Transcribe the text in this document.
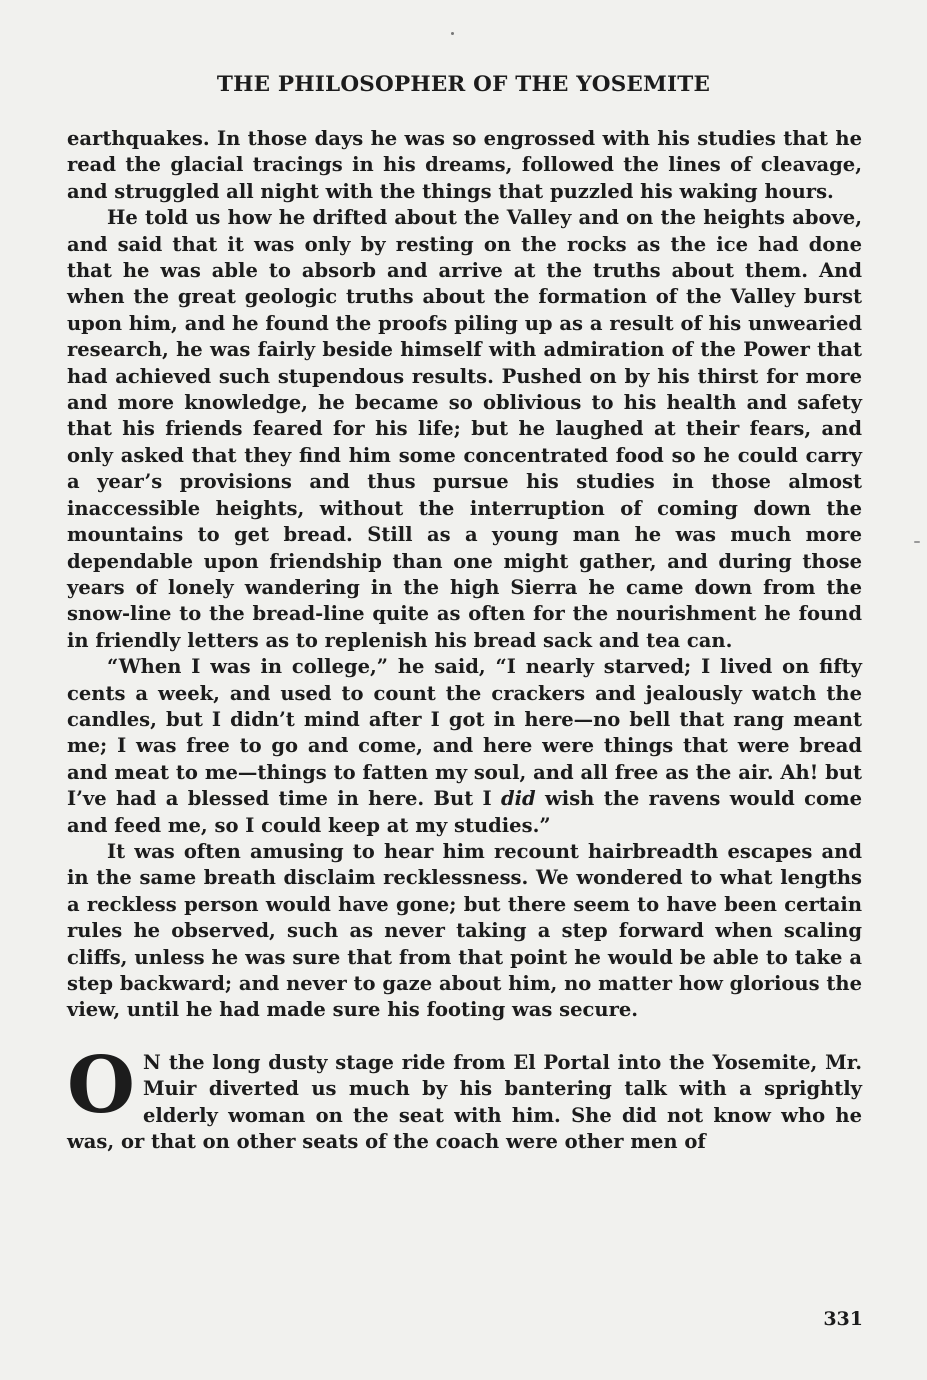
THE PHILOSOPHER OF THE YOSEMITE

earthquakes. In those days he was so engrossed with his studies that he read the glacial tracings in his dreams, followed the lines of cleavage, and struggled all night with the things that puzzled his waking hours.

He told us how he drifted about the Valley and on the heights above, and said that it was only by resting on the rocks as the ice had done that he was able to absorb and arrive at the truths about them. And when the great geologic truths about the formation of the Valley burst upon him, and he found the proofs piling up as a result of his unwearied research, he was fairly beside himself with admiration of the Power that had achieved such stupendous results. Pushed on by his thirst for more and more knowledge, he became so oblivious to his health and safety that his friends feared for his life; but he laughed at their fears, and only asked that they find him some concentrated food so he could carry a year’s provisions and thus pursue his studies in those almost inaccessible heights, without the interruption of coming down the mountains to get bread. Still as a young man he was much more dependable upon friendship than one might gather, and during those years of lonely wandering in the high Sierra he came down from the snow-line to the bread-line quite as often for the nourishment he found in friendly letters as to replenish his bread sack and tea can.

“When I was in college,” he said, “I nearly starved; I lived on fifty cents a week, and used to count the crackers and jealously watch the candles, but I didn’t mind after I got in here—no bell that rang meant me; I was free to go and come, and here were things that were bread and meat to me—things to fatten my soul, and all free as the air. Ah! but I’ve had a blessed time in here. But I did wish the ravens would come and feed me, so I could keep at my studies.”

It was often amusing to hear him recount hairbreadth escapes and in the same breath disclaim recklessness. We wondered to what lengths a reckless person would have gone; but there seem to have been certain rules he observed, such as never taking a step forward when scaling cliffs, unless he was sure that from that point he would be able to take a step backward; and never to gaze about him, no matter how glorious the view, until he had made sure his footing was secure.

O N the long dusty stage ride from El Portal into the Yosemite, Mr. Muir diverted us much by his bantering talk with a sprightly elderly woman on the seat with him. She did not know who he was, or that on other seats of the coach were other men of

331
